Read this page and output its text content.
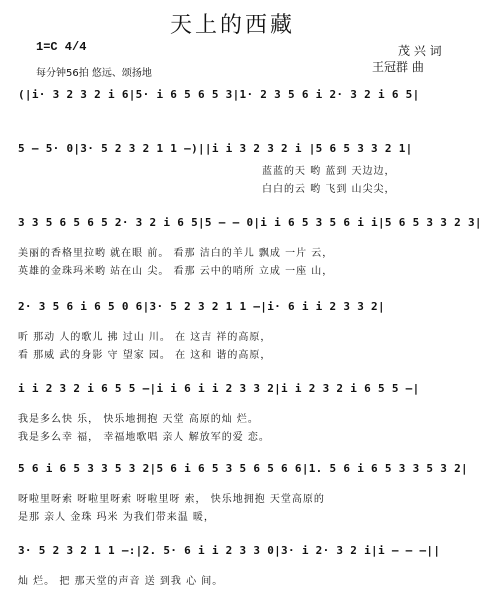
天上的西藏
1=C 4/4
每分钟56拍 悠远、颂扬地
茂 兴 词
王冠群 曲
(|i· 3 2 3 2 i 6|5· i 6 5 6 5 3|1· 2 3 5 6 i 2· 3 2 i 6 5|
5 — 5· 0|3· 5 2 3 2 1 1 —)||i i 3 2 3 2 i |5 6 5 3 3 2 1|
蓝蓝的天 哟 蓝到 天边边，
白白的云 哟 飞到 山尖尖，
3 3 5 6 5 6 5 2· 3 2 i 6 5|5 — — 0|i i 6 5 3 5 6 i i|5 6 5 3 3 2 3|
美丽的香格里拉哟 就在眼 前。 看那 洁白的羊儿 飘成 一片 云，
英雄的金珠玛米哟 站在山 尖。 看那 云中的哨所 立成 一座 山，
2· 3 5 6 i 6 5 0 6|3· 5 2 3 2 1 1 —|i· 6 i i 2 3 3 2|
听 那动 人的歌儿 拂 过山 川。 在 这吉 祥的高原，
看 那威 武的身影 守 望家 园。 在 这和 谐的高原，
i i 2 3 2 i 6 5 5 —|i i 6 i i 2 3 3 2|i i 2 3 2 i 6 5 5 —|
我是多么快 乐， 快乐地拥抱 天堂 高原的灿 烂。
我是多么幸 福， 幸福地歌唱 亲人 解放军的爱 恋。
5 6 i 6 5 3 3 5 3 2|5 6 i 6 5 3 5 6 5 6 6|1. 5 6 i 6 5 3 3 5 3 2|
呀啦里呀索 呀啦里呀索 呀啦里呀 索， 快乐地拥抱 天堂高原的
是那 亲人 金珠 玛米 为我们带来温 暖，
3· 5 2 3 2 1 1 —:|2. 5· 6 i i 2 3 3 0|3· i 2· 3 2 i|i — — —||
灿 烂。 把 那天堂的声音 送 到我 心 间。
